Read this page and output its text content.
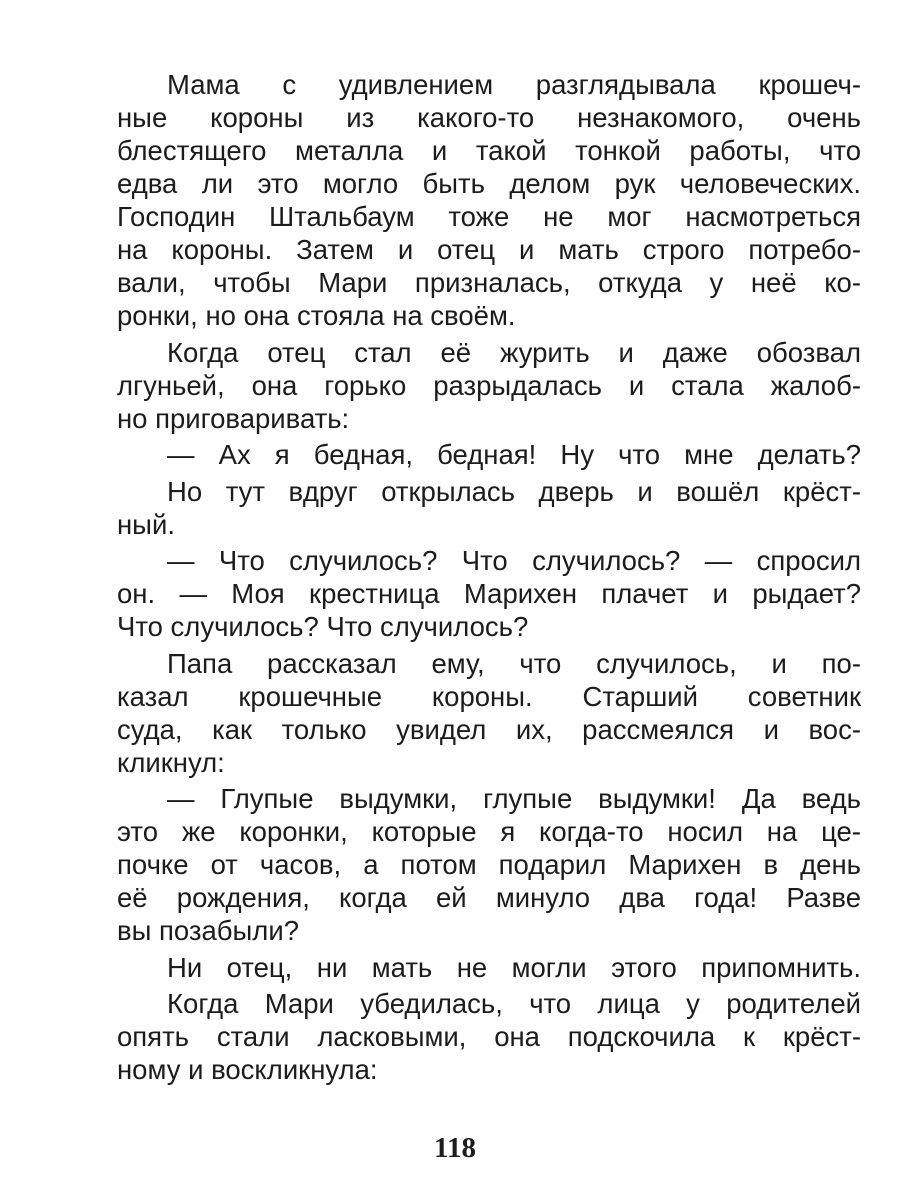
Мама с удивлением разглядывала крошеч-
ные короны из какого-то незнакомого, очень
блестящего металла и такой тонкой работы, что
едва ли это могло быть делом рук человеческих.
Господин Штальбаум тоже не мог насмотреться
на короны. Затем и отец и мать строго потребо-
вали, чтобы Мари призналась, откуда у неё ко-
ронки, но она стояла на своём.
Когда отец стал её журить и даже обозвал
лгуньей, она горько разрыдалась и стала жалоб-
но приговаривать:
— Ах я бедная, бедная! Ну что мне делать?
Но тут вдруг открылась дверь и вошёл крёст-
ный.
— Что случилось? Что случилось? — спросил
он. — Моя крестница Марихен плачет и рыдает?
Что случилось? Что случилось?
Папа рассказал ему, что случилось, и по-
казал крошечные короны. Старший советник
суда, как только увидел их, рассмеялся и вос-
кликнул:
— Глупые выдумки, глупые выдумки! Да ведь
это же коронки, которые я когда-то носил на це-
почке от часов, а потом подарил Марихен в день
её рождения, когда ей минуло два года! Разве
вы позабыли?
Ни отец, ни мать не могли этого припомнить.
Когда Мари убедилась, что лица у родителей
опять стали ласковыми, она подскочила к крёст-
ному и воскликнула:
118
